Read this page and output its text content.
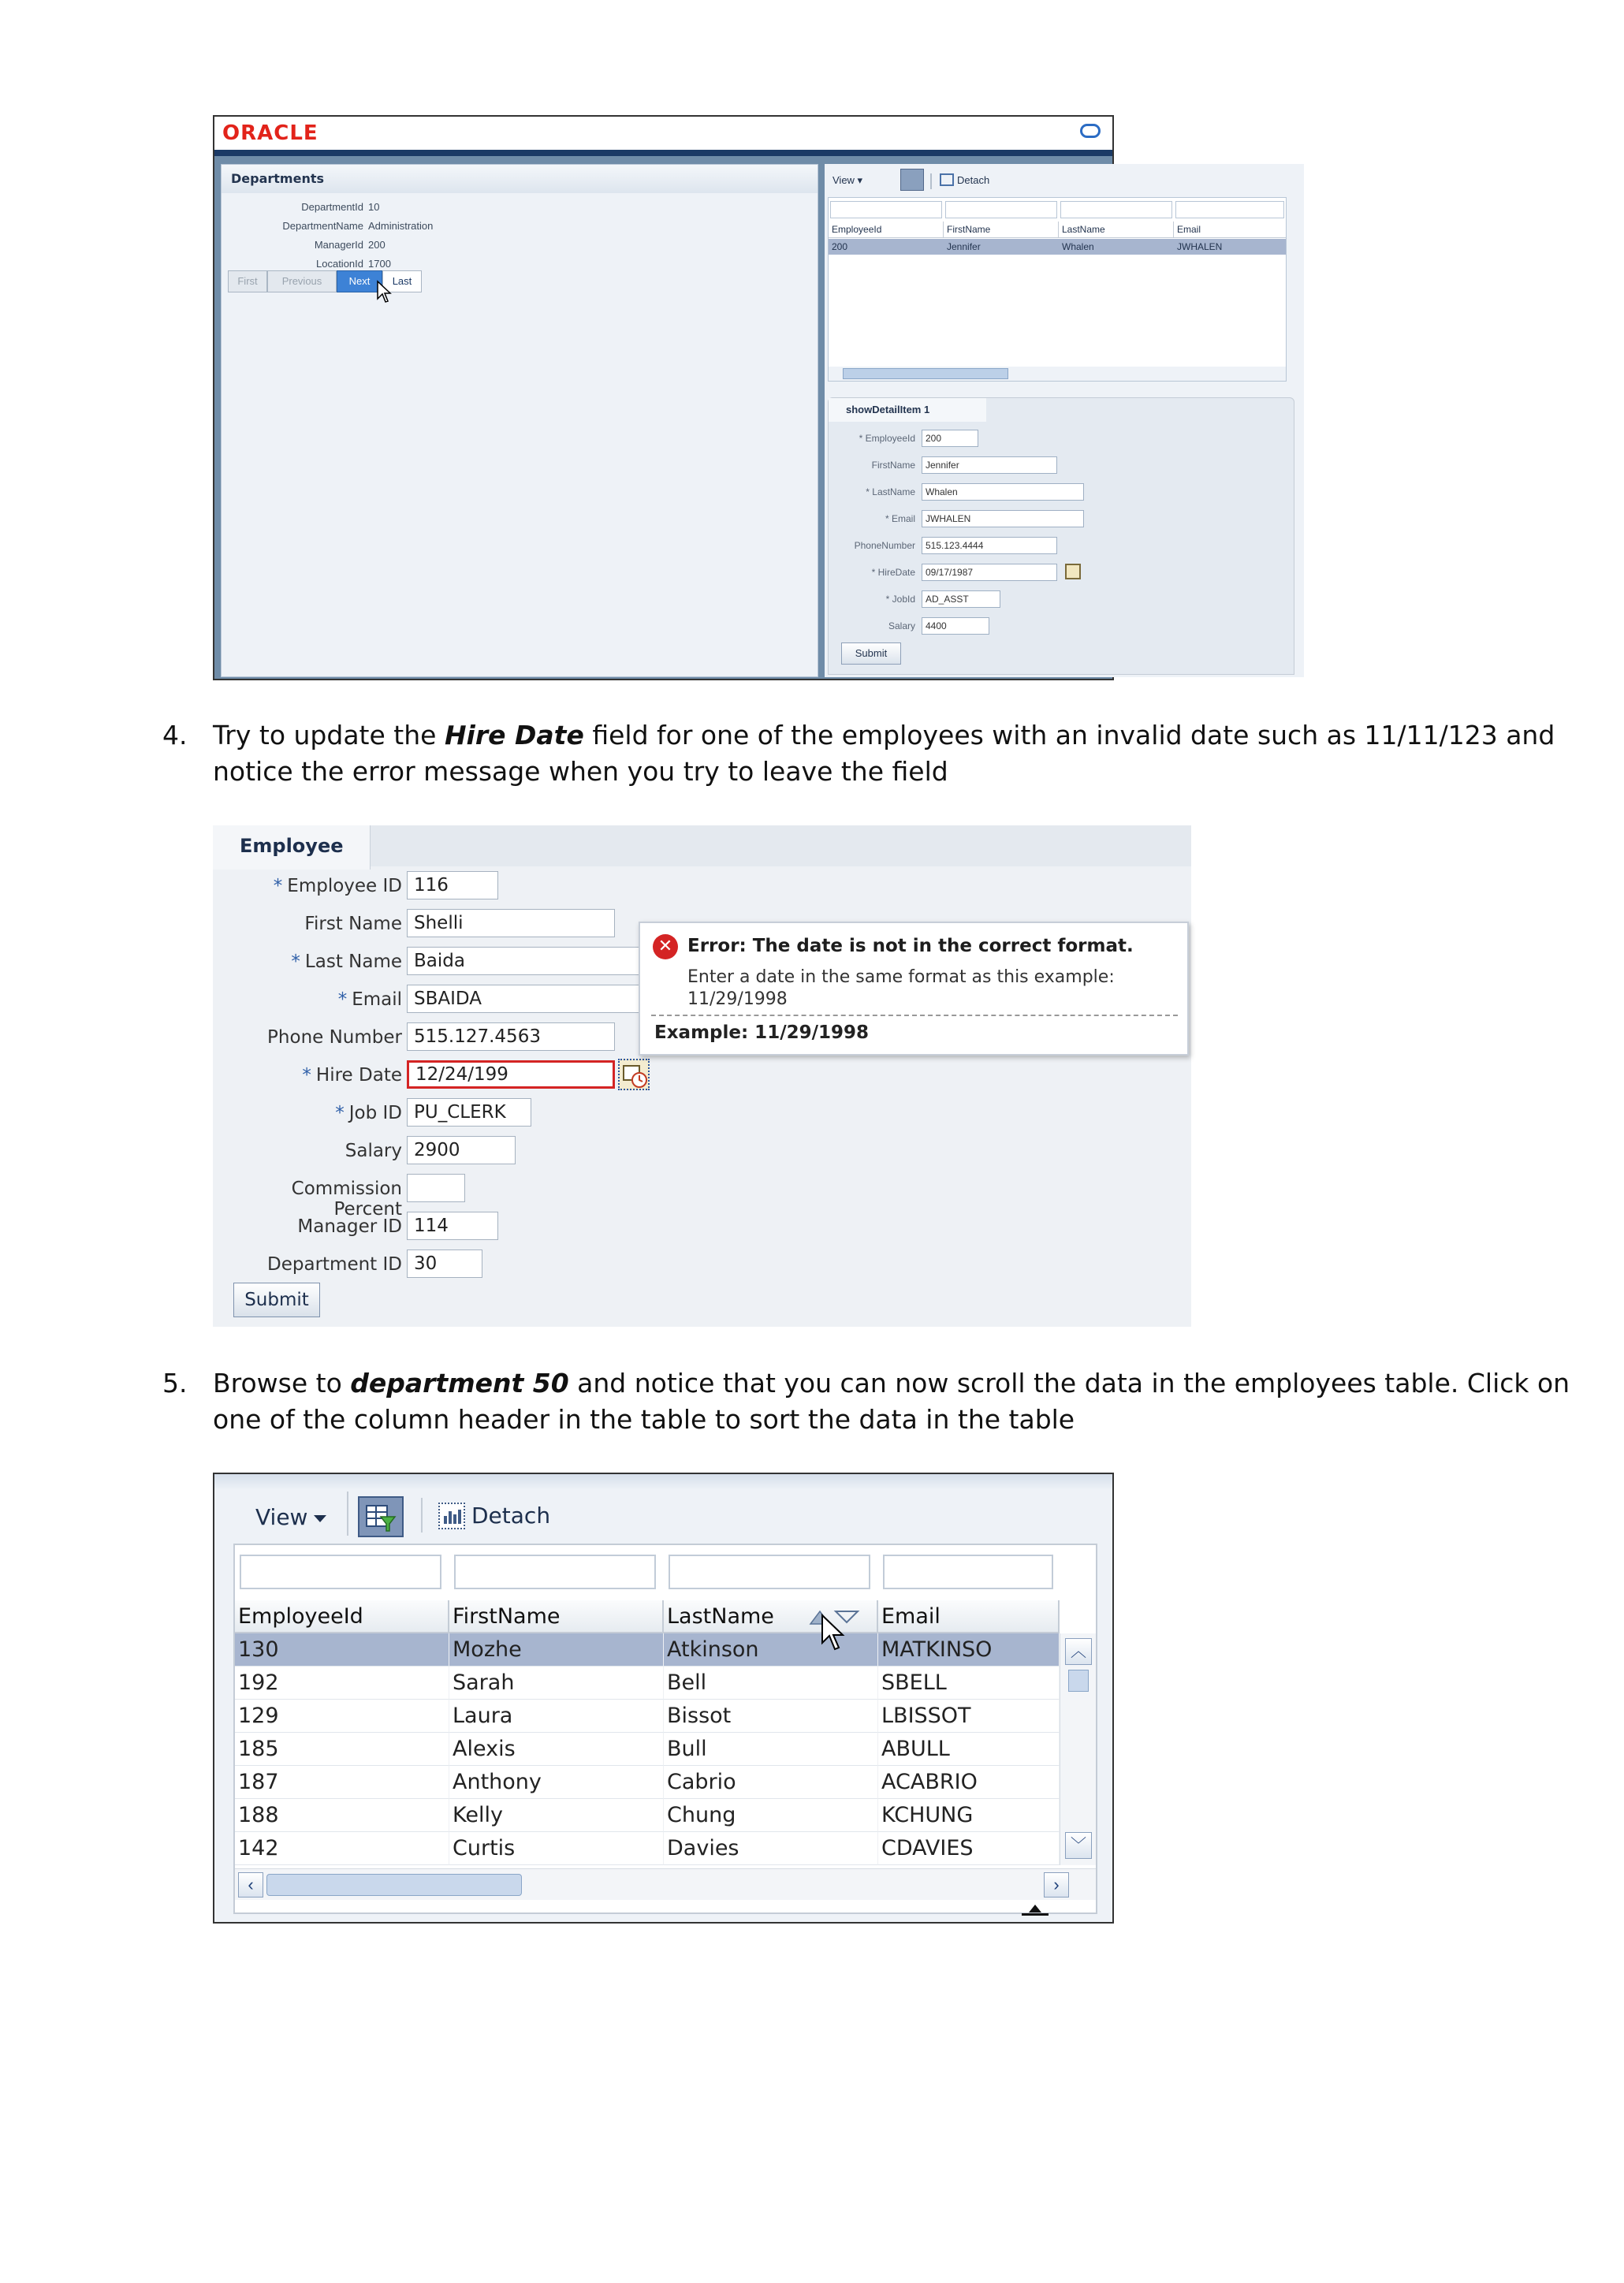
ORACLE
Departments
DepartmentId 10
DepartmentName Administration
ManagerId 200
LocationId 1700
First	Previous	Next	Last
View ▾	Detach
EmployeeId	FirstName	LastName	Email
200	Jennifer	Whalen	JWHALEN
showDetailItem 1
* EmployeeId	200
FirstName	Jennifer
* LastName	Whalen
* Email	JWHALEN
PhoneNumber	515.123.4444
* HireDate	09/17/1987
* JobId	AD_ASST
Salary	4400
Submit
4. Try to update the Hire Date field for one of the employees with an invalid date such as 11/11/123 and notice the error message when you try to leave the field
Employee
* Employee ID 116
First Name Shelli
* Last Name Baida
* Email SBAIDA
Phone Number 515.127.4563
* Hire Date 12/24/199
* Job ID PU_CLERK
Salary 2900
Commission Percent
Manager ID 114
Department ID 30
Submit
✕ Error: The date is not in the correct format.
Enter a date in the same format as this example:
11/29/1998
Example: 11/29/1998
5. Browse to department 50 and notice that you can now scroll the data in the employees table. Click on one of the column header in the table to sort the data in the table
View	Detach
EmployeeId	FirstName	LastName	Email
130	Mozhe	Atkinson	MATKINSO
192	Sarah	Bell	SBELL
129	Laura	Bissot	LBISSOT
185	Alexis	Bull	ABULL
187	Anthony	Cabrio	ACABRIO
188	Kelly	Chung	KCHUNG
142	Curtis	Davies	CDAVIES
︿
﹀
‹	›
